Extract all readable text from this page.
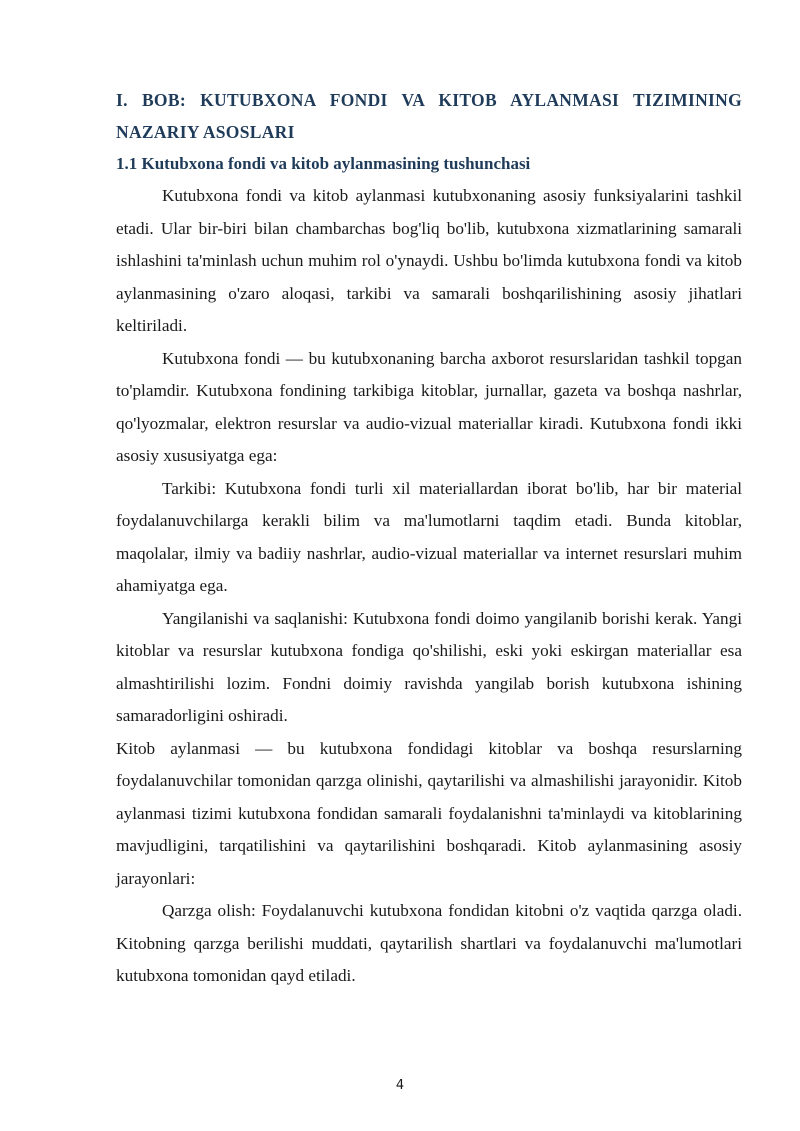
I. BOB: KUTUBXONA FONDI VA KITOB AYLANMASI TIZIMINING
NAZARIY ASOSLARI
1.1 Kutubxona fondi va kitob aylanmasining tushunchasi

Kutubxona fondi va kitob aylanmasi kutubxonaning asosiy funksiyalarini tashkil etadi. Ular bir-biri bilan chambarchas bog'liq bo'lib, kutubxona xizmatlarining samarali ishlashini ta'minlash uchun muhim rol o'ynaydi. Ushbu bo'limda kutubxona fondi va kitob aylanmasining o'zaro aloqasi, tarkibi va samarali boshqarilishining asosiy jihatlari keltiriladi.

Kutubxona fondi — bu kutubxonaning barcha axborot resurslaridan tashkil topgan to'plamdir. Kutubxona fondining tarkibiga kitoblar, jurnallar, gazeta va boshqa nashrlar, qo'lyozmalar, elektron resurslar va audio-vizual materiallar kiradi. Kutubxona fondi ikki asosiy xususiyatga ega:

Tarkibi: Kutubxona fondi turli xil materiallardan iborat bo'lib, har bir material foydalanuvchilarga kerakli bilim va ma'lumotlarni taqdim etadi. Bunda kitoblar, maqolalar, ilmiy va badiiy nashrlar, audio-vizual materiallar va internet resurslari muhim ahamiyatga ega.

Yangilanishi va saqlanishi: Kutubxona fondi doimo yangilanib borishi kerak. Yangi kitoblar va resurslar kutubxona fondiga qo'shilishi, eski yoki eskirgan materiallar esa almashtirilishi lozim. Fondni doimiy ravishda yangilab borish kutubxona ishining samaradorligini oshiradi.

Kitob aylanmasi — bu kutubxona fondidagi kitoblar va boshqa resurslarning foydalanuvchilar tomonidan qarzga olinishi, qaytarilishi va almashilishi jarayonidir. Kitob aylanmasi tizimi kutubxona fondidan samarali foydalanishni ta'minlaydi va kitoblarining mavjudligini, tarqatilishini va qaytarilishini boshqaradi. Kitob aylanmasining asosiy jarayonlari:

Qarzga olish: Foydalanuvchi kutubxona fondidan kitobni o'z vaqtida qarzga oladi. Kitobning qarzga berilishi muddati, qaytarilish shartlari va foydalanuvchi ma'lumotlari kutubxona tomonidan qayd etiladi.

4
